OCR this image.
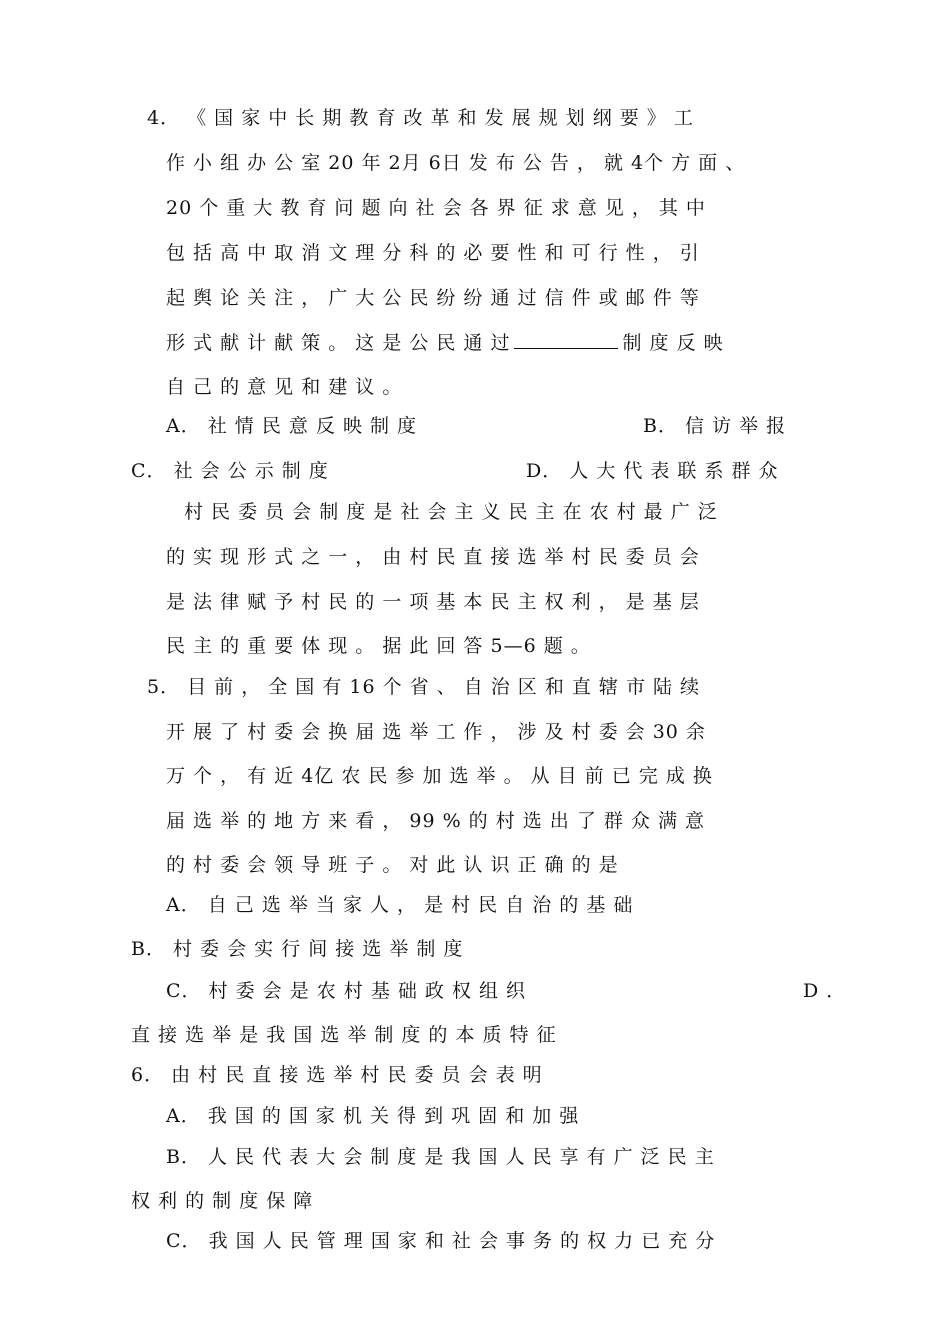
4． 《 国 家 中 长 期 教 育 改 革 和 发 展 规 划 纲 要 》 工
作 小 组 办 公 室 20 年 2月 6日 发 布 公 告 ， 就 4个 方 面 、
20 个 重 大 教 育 问 题 向 社 会 各 界 征 求 意 见 ， 其 中
包 括 高 中 取 消 文 理 分 科 的 必 要 性 和 可 行 性 ， 引
起 舆 论 关 注 ， 广 大 公 民 纷 纷 通 过 信 件 或 邮 件 等
形 式 献 计 献 策 。 这 是 公 民 通 过	制 度 反 映
自 己 的 意 见 和 建 议 。
A． 社 情 民 意 反 映 制 度	B． 信 访 举 报
C． 社 会 公 示 制 度	D． 人 大 代 表 联 系 群 众
村 民 委 员 会 制 度 是 社 会 主 义 民 主 在 农 村 最 广 泛
的 实 现 形 式 之 一 ， 由 村 民 直 接 选 举 村 民 委 员 会
是 法 律 赋 予 村 民 的 一 项 基 本 民 主 权 利 ， 是 基 层
民 主 的 重 要 体 现 。 据 此 回 答 5—6 题 。
5． 目 前 ， 全 国 有 16 个 省 、 自 治 区 和 直 辖 市 陆 续
开 展 了 村 委 会 换 届 选 举 工 作 ， 涉 及 村 委 会 30 余
万 个 ， 有 近 4亿 农 民 参 加 选 举 。 从 目 前 已 完 成 换
届 选 举 的 地 方 来 看 ， 99 % 的 村 选 出 了 群 众 满 意
的 村 委 会 领 导 班 子 。 对 此 认 识 正 确 的 是
A． 自 己 选 举 当 家 人 ， 是 村 民 自 治 的 基 础
B． 村 委 会 实 行 间 接 选 举 制 度
C． 村 委 会 是 农 村 基 础 政 权 组 织	D ．
直 接 选 举 是 我 国 选 举 制 度 的 本 质 特 征
6． 由 村 民 直 接 选 举 村 民 委 员 会 表 明
A． 我 国 的 国 家 机 关 得 到 巩 固 和 加 强
B． 人 民 代 表 大 会 制 度 是 我 国 人 民 享 有 广 泛 民 主
权 利 的 制 度 保 障
C． 我 国 人 民 管 理 国 家 和 社 会 事 务 的 权 力 已 充 分
